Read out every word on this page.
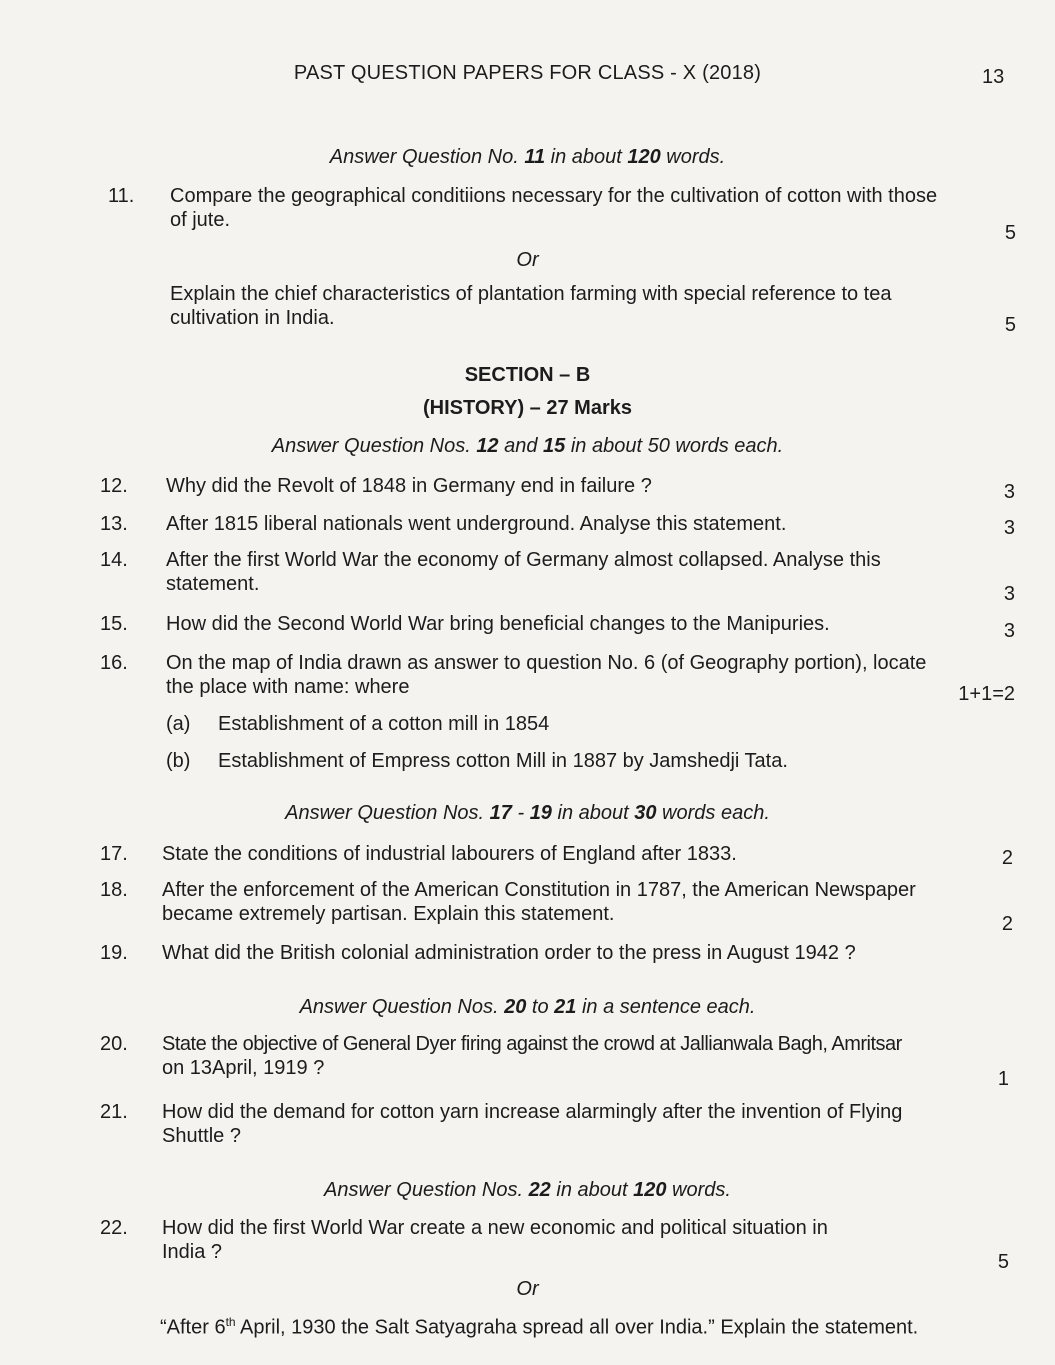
PAST QUESTION PAPERS FOR CLASS - X (2018)	13
Answer Question No. 11 in about 120 words.
11.	Compare the geographical conditiions necessary for the cultivation of cotton with those
of jute.
5
Or
Explain the chief characteristics of plantation farming with special reference to tea
cultivation in India.	5
SECTION – B
(HISTORY) – 27 Marks
Answer Question Nos. 12 and 15 in about 50 words each.
12.	Why did the Revolt of 1848 in Germany end in failure ?	3
13.	After 1815 liberal nationals went underground. Analyse this statement.	3
14.	After the first World War the economy of Germany almost collapsed. Analyse this
statement.	3
15.	How did the Second World War bring beneficial changes to the Manipuries.	3
16.	On the map of India drawn as answer to question No. 6 (of Geography portion), locate
the place with name: where	1+1=2
(a) Establishment of a cotton mill in 1854
(b) Establishment of Empress cotton Mill in 1887 by Jamshedji Tata.
Answer Question Nos. 17 - 19 in about 30 words each.
17.	State the conditions of industrial labourers of England after 1833.	2
18.	After the enforcement of the American Constitution in 1787, the American Newspaper
became extremely partisan. Explain this statement.	2
19.	What did the British colonial administration order to the press in August 1942 ?
Answer Question Nos. 20 to 21 in a sentence each.
20.	State the objective of General Dyer firing against the crowd at Jallianwala Bagh, Amritsar
on 13April, 1919 ?	1
21.	How did the demand for cotton yarn increase alarmingly after the invention of Flying
Shuttle ?
Answer Question Nos. 22 in about 120 words.
22.	How did the first World War create a new economic and political situation in
India ?	5
Or
“After 6th April, 1930 the Salt Satyagraha spread all over India.” Explain the statement.
